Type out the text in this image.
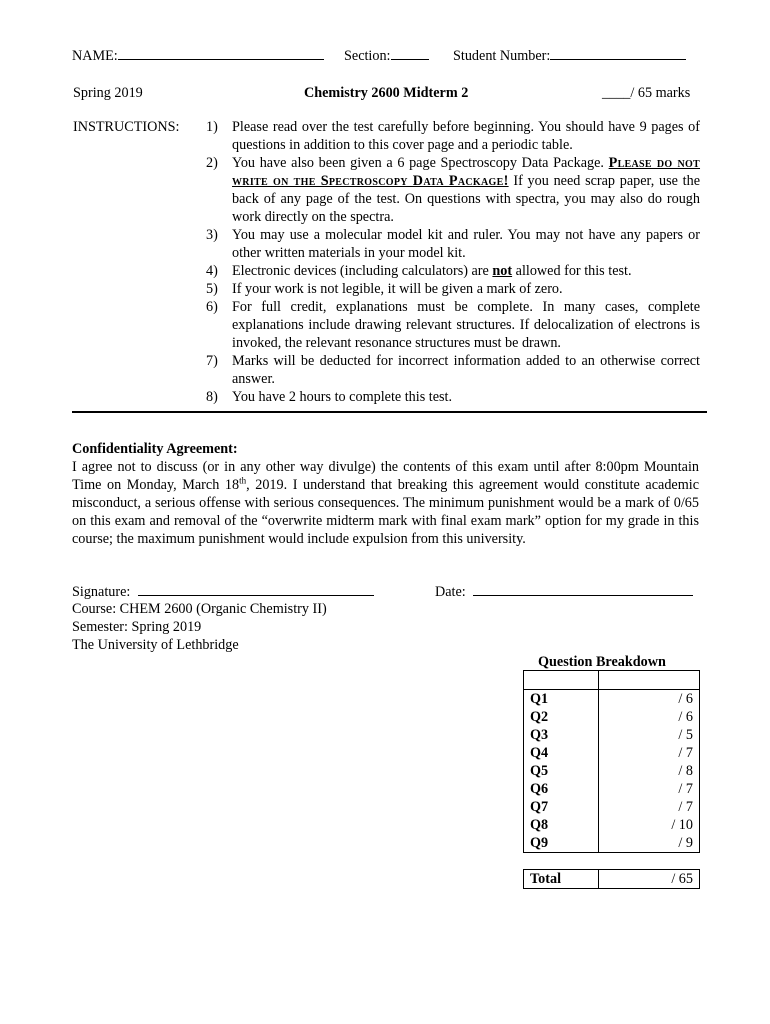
NAME:	Section:	Student Number:
Spring 2019	Chemistry 2600 Midterm 2	____/ 65 marks
INSTRUCTIONS: 1) Please read over the test carefully before beginning. You should have 9 pages of questions in addition to this cover page and a periodic table.
2) You have also been given a 6 page Spectroscopy Data Package. Please do not write on the Spectroscopy Data Package! If you need scrap paper, use the back of any page of the test. On questions with spectra, you may also do rough work directly on the spectra.
3) You may use a molecular model kit and ruler. You may not have any papers or other written materials in your model kit.
4) Electronic devices (including calculators) are not allowed for this test.
5) If your work is not legible, it will be given a mark of zero.
6) For full credit, explanations must be complete. In many cases, complete explanations include drawing relevant structures. If delocalization of electrons is invoked, the relevant resonance structures must be drawn.
7) Marks will be deducted for incorrect information added to an otherwise correct answer.
8) You have 2 hours to complete this test.
Confidentiality Agreement:

I agree not to discuss (or in any other way divulge) the contents of this exam until after 8:00pm Mountain Time on Monday, March 18th, 2019. I understand that breaking this agreement would constitute academic misconduct, a serious offense with serious consequences. The minimum punishment would be a mark of 0/65 on this exam and removal of the “overwrite midterm mark with final exam mark” option for my grade in this course; the maximum punishment would include expulsion from this university.

Signature:	Date:
Course: CHEM 2600 (Organic Chemistry II)
Semester: Spring 2019
The University of Lethbridge
Question Breakdown

Q1	/ 6
Q2	/ 6
Q3	/ 5
Q4	/ 7
Q5	/ 8
Q6	/ 7
Q7	/ 7
Q8	/ 10
Q9	/ 9

Total	/ 65
